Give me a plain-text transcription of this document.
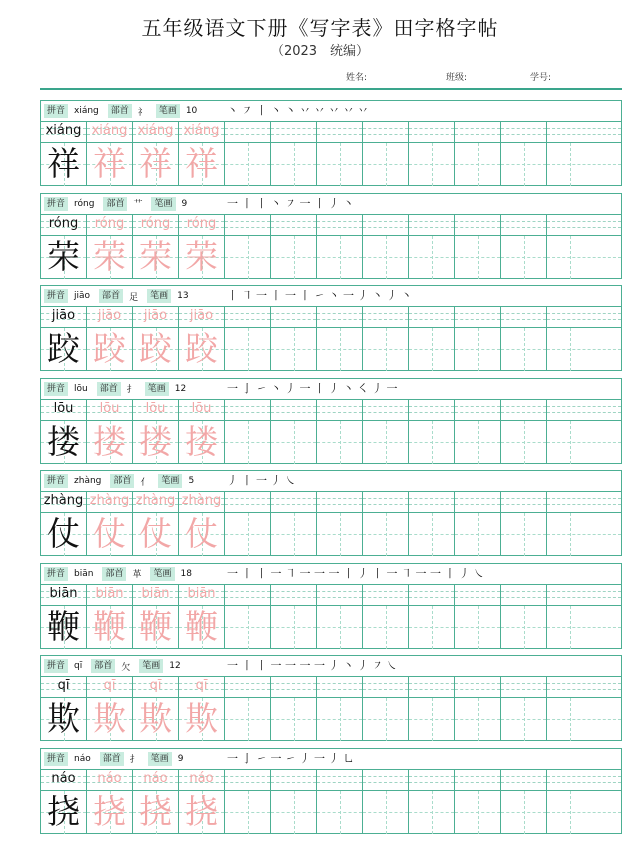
五年级语文下册《写字表》田字格字帖
（2023　统编）
姓名:	班级:	学号:
拼音	xiáng	部首	礻	笔画	10	丶 ㇇ 丨 丶 丶 丷 丷 丷 丷 丷
xiáng xiáng xiáng xiáng
祥 祥 祥 祥
拼音	róng	部首	艹	笔画	9	一 丨 丨 丶 ㇇ 一 丨 丿 丶
róng	róng	róng	róng
荣 荣 荣 荣
拼音	jiāo	部首	足	笔画	13	丨 ㇕ 一 丨 一 丨 ㇀ 丶 一 丿 丶 丿 丶
jiāo	jiāo	jiāo	jiāo
跤 跤 跤 跤
拼音	lōu	部首	扌	笔画	12	一 亅 ㇀ 丶 丿 一 丨 丿 丶 ㇛ 丿 一
lōu	lōu	lōu	lōu
搂 搂 搂 搂
拼音	zhàng	部首	亻	笔画	5	丿 丨 一 丿 ㇏
zhàng zhàng zhàng zhàng
仗 仗 仗 仗
拼音	biān	部首	革	笔画	18	一 丨 丨 一 ㇕ 一 一 一 丨 丿 丨 一 ㇕ 一 一 丨 丿 ㇏
biān	biān	biān	biān
鞭 鞭 鞭 鞭
拼音	qī	部首	欠	笔画	12	一 丨 丨 一 一 一 一 丿 丶 丿 ㇇ ㇏
qī	qī	qī	qī
欺 欺 欺 欺
拼音	náo	部首	扌	笔画	9	一 亅 ㇀ 一 ㇀ 丿 一 丿 ㇟
náo	náo	náo	náo
挠 挠 挠 挠
